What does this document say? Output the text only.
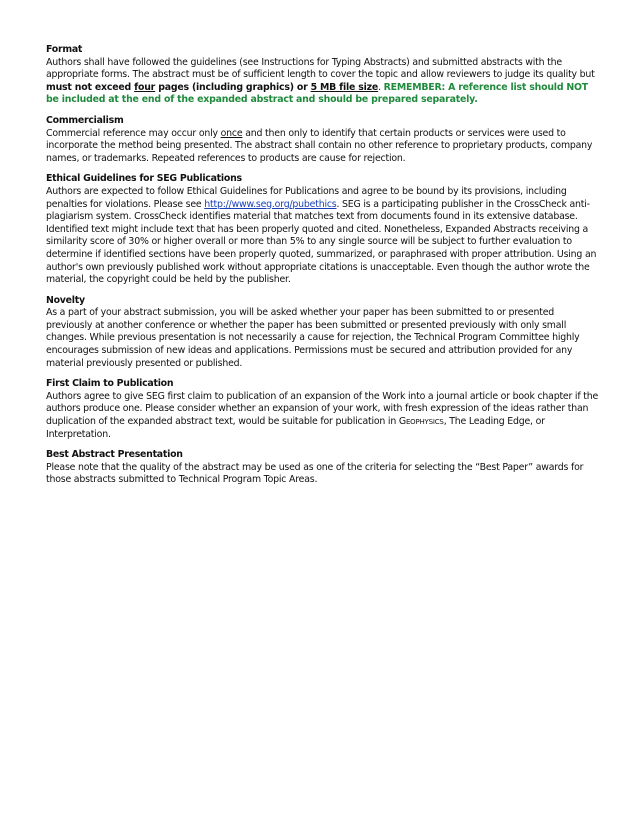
Format
Authors shall have followed the guidelines (see Instructions for Typing Abstracts) and submitted abstracts with the appropriate forms. The abstract must be of sufficient length to cover the topic and allow reviewers to judge its quality but must not exceed four pages (including graphics) or 5 MB file size. REMEMBER: A reference list should NOT be included at the end of the expanded abstract and should be prepared separately.
Commercialism
Commercial reference may occur only once and then only to identify that certain products or services were used to incorporate the method being presented. The abstract shall contain no other reference to proprietary products, company names, or trademarks. Repeated references to products are cause for rejection.
Ethical Guidelines for SEG Publications
Authors are expected to follow Ethical Guidelines for Publications and agree to be bound by its provisions, including penalties for violations. Please see http://www.seg.org/pubethics. SEG is a participating publisher in the CrossCheck anti-plagiarism system. CrossCheck identifies material that matches text from documents found in its extensive database. Identified text might include text that has been properly quoted and cited. Nonetheless, Expanded Abstracts receiving a similarity score of 30% or higher overall or more than 5% to any single source will be subject to further evaluation to determine if identified sections have been properly quoted, summarized, or paraphrased with proper attribution. Using an author's own previously published work without appropriate citations is unacceptable. Even though the author wrote the material, the copyright could be held by the publisher.
Novelty
As a part of your abstract submission, you will be asked whether your paper has been submitted to or presented previously at another conference or whether the paper has been submitted or presented previously with only small changes. While previous presentation is not necessarily a cause for rejection, the Technical Program Committee highly encourages submission of new ideas and applications. Permissions must be secured and attribution provided for any material previously presented or published.
First Claim to Publication
Authors agree to give SEG first claim to publication of an expansion of the Work into a journal article or book chapter if the authors produce one. Please consider whether an expansion of your work, with fresh expression of the ideas rather than duplication of the expanded abstract text, would be suitable for publication in Geophysics, The Leading Edge, or Interpretation.
Best Abstract Presentation
Please note that the quality of the abstract may be used as one of the criteria for selecting the “Best Paper” awards for those abstracts submitted to Technical Program Topic Areas.
